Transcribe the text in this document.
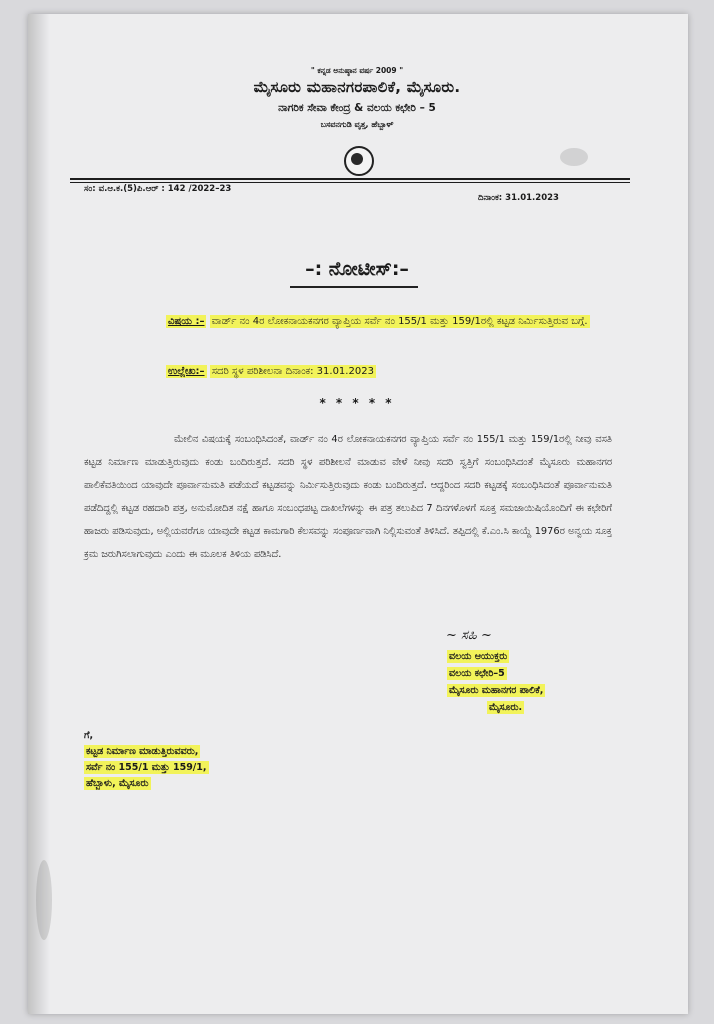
" ಕನ್ನಡ ಅನುಷ್ಠಾನ ವರ್ಷ 2009 "
ಮೈಸೂರು ಮಹಾನಗರಪಾಲಿಕೆ, ಮೈಸೂರು.
ನಾಗರಿಕ ಸೇವಾ ಕೇಂದ್ರ & ವಲಯ ಕಛೇರಿ – 5
ಬಸವನಗುಡಿ ವೃತ್ತ, ಹೆಬ್ಬಾಳ್
ಸಂ: ವ.ಆ.ಕ.(5)ಪಿ.ಆರ್ : 142 /2022–23
ದಿನಾಂಕ: 31.01.2023
–: ನೋಟೀಸ್:–
ವಿಷಯ :– ವಾರ್ಡ್ ನಂ 4ರ ಲೋಕನಾಯಕನಗರ ವ್ಯಾಪ್ತಿಯ ಸರ್ವೆ ನಂ 155/1 ಮತ್ತು 159/1ರಲ್ಲಿ ಕಟ್ಟಡ ನಿರ್ಮಿಸುತ್ತಿರುವ ಬಗ್ಗೆ.
ಉಲ್ಲೇಖ:– ಸದರಿ ಸ್ಥಳ ಪರಿಶೀಲನಾ ದಿನಾಂಕ: 31.01.2023
* * * * *
ಮೇಲಿನ ವಿಷಯಕ್ಕೆ ಸಂಬಂಧಿಸಿದಂತೆ, ವಾರ್ಡ್ ನಂ 4ರ ಲೋಕನಾಯಕನಗರ ವ್ಯಾಪ್ತಿಯ ಸರ್ವೆ ನಂ 155/1 ಮತ್ತು 159/1ರಲ್ಲಿ ನೀವು ವಸತಿ ಕಟ್ಟಡ ನಿರ್ಮಾಣ ಮಾಡುತ್ತಿರುವುದು ಕಂಡು ಬಂದಿರುತ್ತದೆ. ಸದರಿ ಸ್ಥಳ ಪರಿಶೀಲನೆ ಮಾಡುವ ವೇಳೆ ನೀವು ಸದರಿ ಸ್ವತ್ತಿಗೆ ಸಂಬಂಧಿಸಿದಂತೆ ಮೈಸೂರು ಮಹಾನಗರ ಪಾಲಿಕೆವತಿಯಿಂದ ಯಾವುದೇ ಪೂರ್ವಾನುಮತಿ ಪಡೆಯದೆ ಕಟ್ಟಡವನ್ನು ನಿರ್ಮಿಸುತ್ತಿರುವುದು ಕಂಡು ಬಂದಿರುತ್ತದೆ. ಆದ್ದರಿಂದ ಸದರಿ ಕಟ್ಟಡಕ್ಕೆ ಸಂಬಂಧಿಸಿದಂತೆ ಪೂರ್ವಾನುಮತಿ ಪಡೆದಿದ್ದಲ್ಲಿ ಕಟ್ಟಡ ರಹದಾರಿ ಪತ್ರ, ಅನುಮೋದಿತ ನಕ್ಷೆ ಹಾಗೂ ಸಂಬಂಧಪಟ್ಟ ದಾಖಲೆಗಳನ್ನು ಈ ಪತ್ರ ತಲುಪಿದ 7 ದಿನಗಳೊಳಗೆ ಸೂಕ್ತ ಸಮಜಾಯಿಷಿಯೊಂದಿಗೆ ಈ ಕಛೇರಿಗೆ ಹಾಜರು ಪಡಿಸುವುದು, ಅಲ್ಲಿಯವರೆಗೂ ಯಾವುದೇ ಕಟ್ಟಡ ಕಾಮಗಾರಿ ಕೆಲಸವನ್ನು ಸಂಪೂರ್ಣವಾಗಿ ನಿಲ್ಲಿಸುವಂತೆ ತಿಳಿಸಿದೆ. ತಪ್ಪಿದಲ್ಲಿ ಕೆ.ಎಂ.ಸಿ ಕಾಯ್ದೆ 1976ರ ಅನ್ವಯ ಸೂಕ್ತ ಕ್ರಮ ಜರುಗಿಸಲಾಗುವುದು ಎಂದು ಈ ಮೂಲಕ ತಿಳಿಯ ಪಡಿಸಿದೆ.
~ ಸಹಿ ~
ವಲಯ ಆಯುಕ್ತರು
ವಲಯ ಕಛೇರಿ–5
ಮೈಸೂರು ಮಹಾನಗರ ಪಾಲಿಕೆ,
ಮೈಸೂರು.
ಗೆ,
ಕಟ್ಟಡ ನಿರ್ಮಾಣ ಮಾಡುತ್ತಿರುವವರು,
ಸರ್ವೆ ನಂ 155/1 ಮತ್ತು 159/1,
ಹೆಬ್ಬಾಳು, ಮೈಸೂರು
